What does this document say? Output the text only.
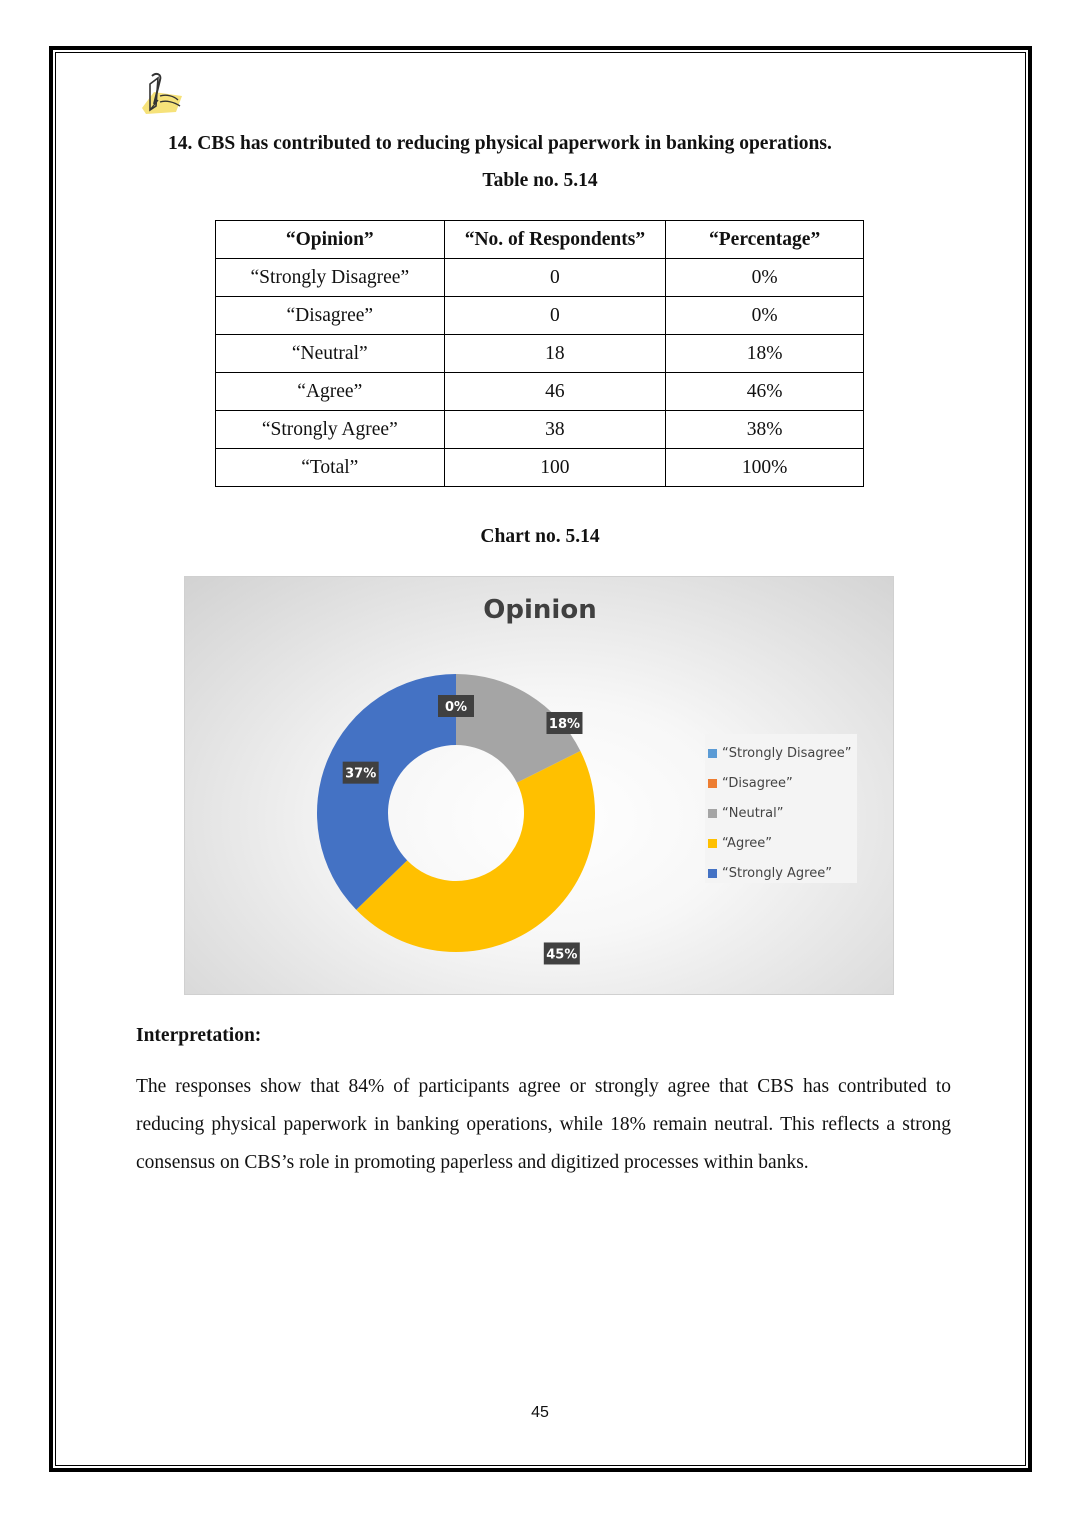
14. CBS has contributed to reducing physical paperwork in banking operations.
Table no. 5.14
“Opinion”	“No. of Respondents”	“Percentage”
“Strongly Disagree”	0	0%
“Disagree”	0	0%
“Neutral”	18	18%
“Agree”	46	46%
“Strongly Agree”	38	38%
“Total”	100	100%
Chart no. 5.14
Opinion
0%
18%
45%
37%
“Strongly Disagree”
“Disagree”
“Neutral”
“Agree”
“Strongly Agree”
Interpretation:
The responses show that 84% of participants agree or strongly agree that CBS has contributed to reducing physical paperwork in banking operations, while 18% remain neutral. This reflects a strong consensus on CBS’s role in promoting paperless and digitized processes within banks.
45
